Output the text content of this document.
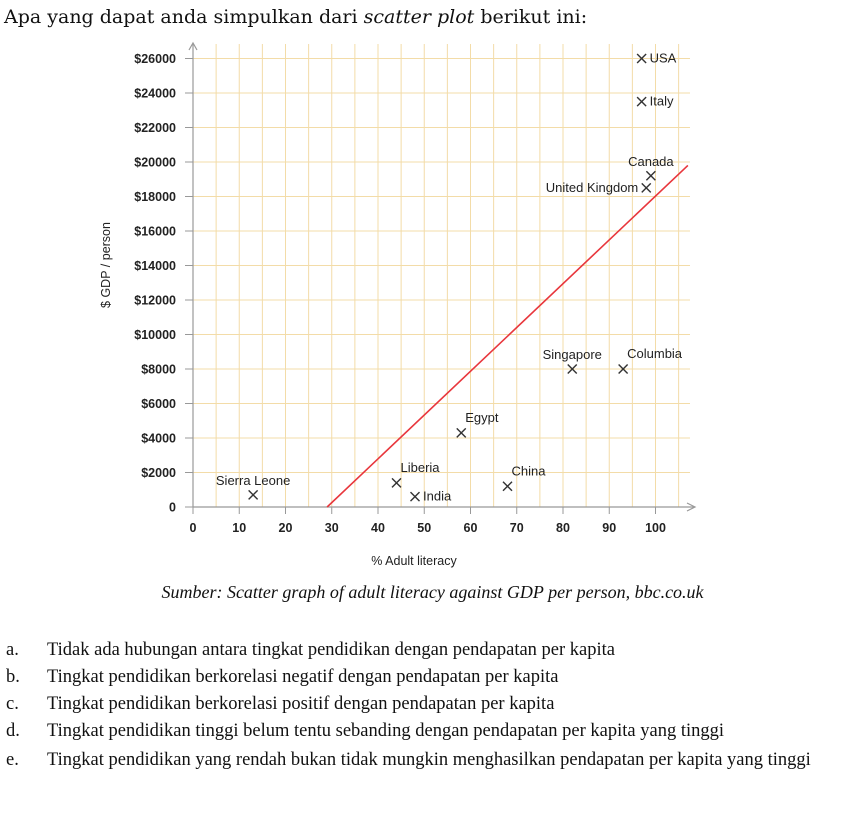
Apa yang dapat anda simpulkan dari scatter plot berikut ini:
0
$2000
$4000
$6000
$8000
$10000
$12000
$14000
$16000
$18000
$20000
$22000
$24000
$26000
0	10	20	30	40	50	60	70	80	90 100
Sierra Leone
Liberia
India
Egypt
China
Singapore Columbia
United Kingdom
Canada
Italy
USA
% Adult literacy
$ GDP / person
Sumber: Scatter graph of adult literacy against GDP per person, bbc.co.uk
a.	Tidak ada hubungan antara tingkat pendidikan dengan pendapatan per kapita
b.	Tingkat pendidikan berkorelasi negatif dengan pendapatan per kapita
c.	Tingkat pendidikan berkorelasi positif dengan pendapatan per kapita
d.	Tingkat pendidikan tinggi belum tentu sebanding dengan pendapatan per kapita yang tinggi
e.	Tingkat pendidikan yang rendah bukan tidak mungkin menghasilkan pendapatan per kapita yang tinggi
